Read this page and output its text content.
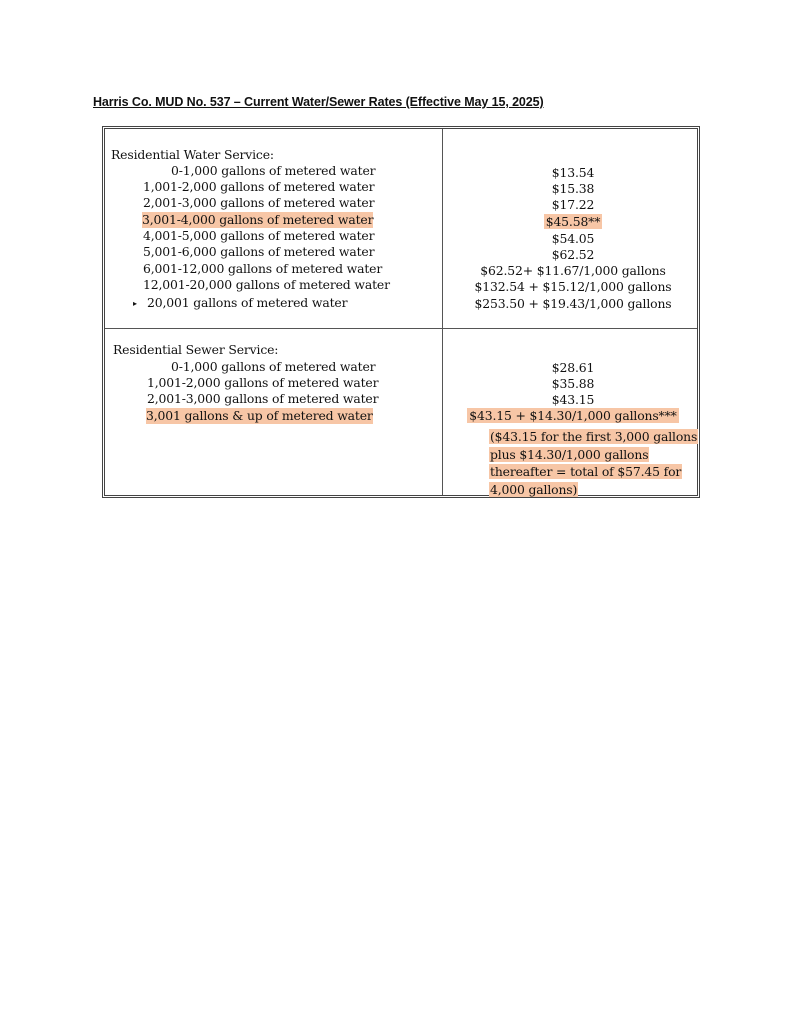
Harris Co. MUD No. 537 – Current Water/Sewer Rates (Effective May 15, 2025)
Residential Water Service:
0-1,000 gallons of metered water
1,001-2,000 gallons of metered water
2,001-3,000 gallons of metered water
3,001-4,000 gallons of metered water
4,001-5,000 gallons of metered water
5,001-6,000 gallons of metered water
6,001-12,000 gallons of metered water
12,001-20,000 gallons of metered water
▸ 20,001 gallons of metered water
$13.54
$15.38
$17.22
$45.58**
$54.05
$62.52
$62.52+ $11.67/1,000 gallons
$132.54 + $15.12/1,000 gallons
$253.50 + $19.43/1,000 gallons
Residential Sewer Service:
0-1,000 gallons of metered water
1,001-2,000 gallons of metered water
2,001-3,000 gallons of metered water
3,001 gallons & up of metered water
$28.61
$35.88
$43.15
$43.15 + $14.30/1,000 gallons***
($43.15 for the first 3,000 gallons
plus $14.30/1,000 gallons
thereafter = total of $57.45 for
4,000 gallons)
